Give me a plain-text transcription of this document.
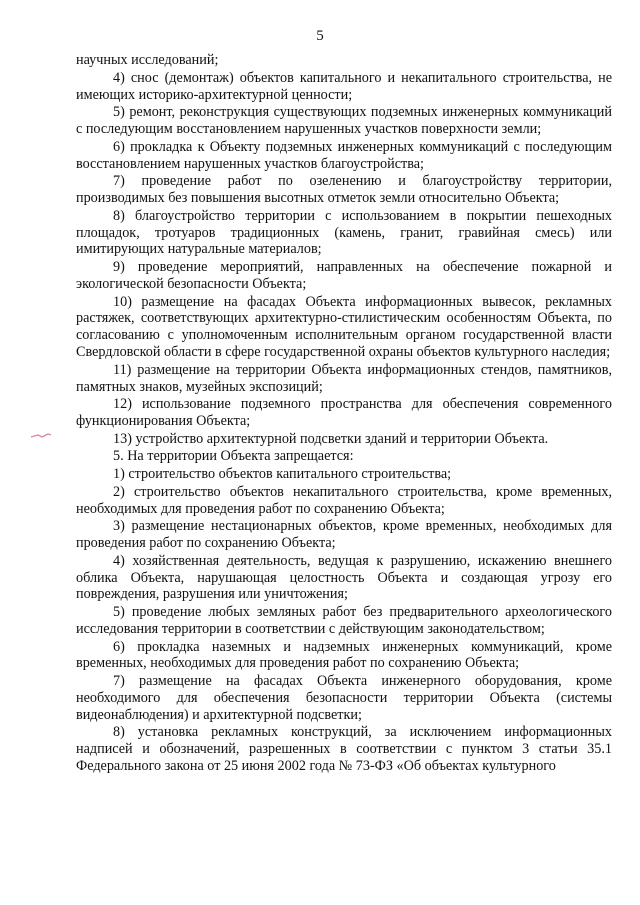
5

научных исследований;

4) снос (демонтаж) объектов капитального и некапитального строительства, не имеющих историко-архитектурной ценности;

5) ремонт, реконструкция существующих подземных инженерных коммуникаций с последующим восстановлением нарушенных участков поверхности земли;

6) прокладка к Объекту подземных инженерных коммуникаций с последующим восстановлением нарушенных участков благоустройства;

7) проведение работ по озеленению и благоустройству территории, производимых без повышения высотных отметок земли относительно Объекта;

8) благоустройство территории с использованием в покрытии пешеходных площадок, тротуаров традиционных (камень, гранит, гравийная смесь) или имитирующих натуральные материалов;

9) проведение мероприятий, направленных на обеспечение пожарной и экологической безопасности Объекта;

10) размещение на фасадах Объекта информационных вывесок, рекламных растяжек, соответствующих архитектурно-стилистическим особенностям Объекта, по согласованию с уполномоченным исполнительным органом государственной власти Свердловской области в сфере государственной охраны объектов культурного наследия;

11) размещение на территории Объекта информационных стендов, памятников, памятных знаков, музейных экспозиций;

12) использование подземного пространства для обеспечения современного функционирования Объекта;

13) устройство архитектурной подсветки зданий и территории Объекта.

5. На территории Объекта запрещается:

1) строительство объектов капитального строительства;

2) строительство объектов некапитального строительства, кроме временных, необходимых для проведения работ по сохранению Объекта;

3) размещение нестационарных объектов, кроме временных, необходимых для проведения работ по сохранению Объекта;

4) хозяйственная деятельность, ведущая к разрушению, искажению внешнего облика Объекта, нарушающая целостность Объекта и создающая угрозу его повреждения, разрушения или уничтожения;

5) проведение любых земляных работ без предварительного археологического исследования территории в соответствии с действующим законодательством;

6) прокладка наземных и надземных инженерных коммуникаций, кроме временных, необходимых для проведения работ по сохранению Объекта;

7) размещение на фасадах Объекта инженерного оборудования, кроме необходимого для обеспечения безопасности территории Объекта (системы видеонаблюдения) и архитектурной подсветки;

8) установка рекламных конструкций, за исключением информационных надписей и обозначений, разрешенных в соответствии с пунктом 3 статьи 35.1 Федерального закона от 25 июня 2002 года № 73-ФЗ «Об объектах культурного
